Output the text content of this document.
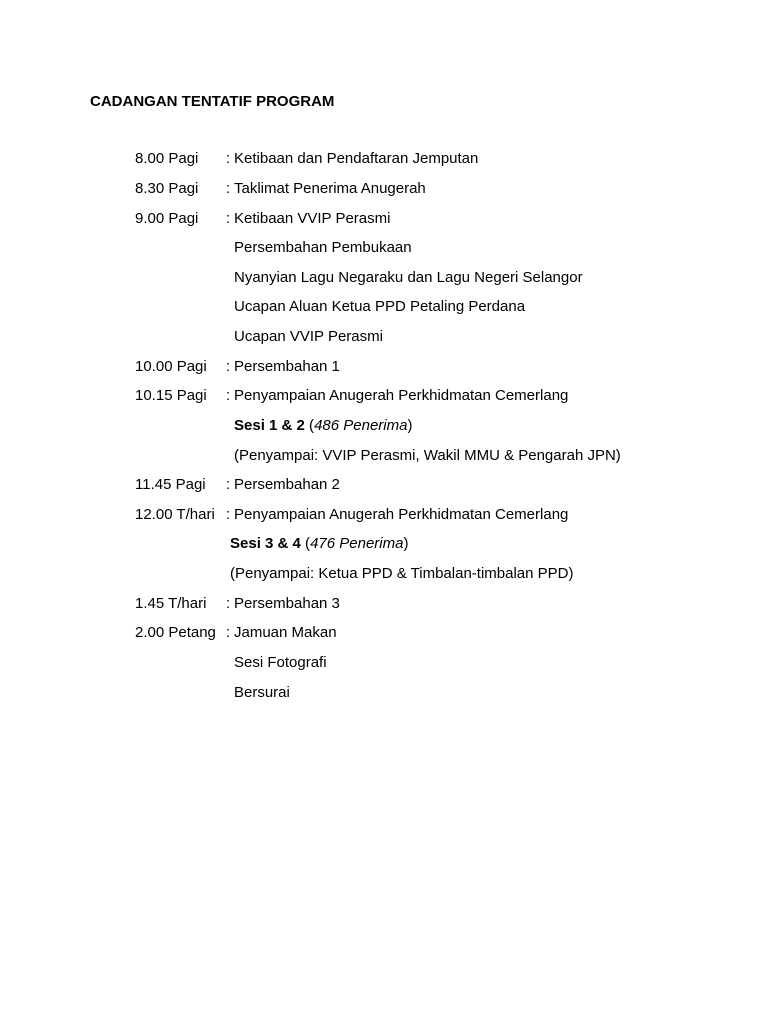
CADANGAN TENTATIF PROGRAM
8.00 Pagi : Ketibaan dan Pendaftaran Jemputan
8.30 Pagi : Taklimat Penerima Anugerah
9.00 Pagi : Ketibaan VVIP Perasmi
Persembahan Pembukaan
Nyanyian Lagu Negaraku dan Lagu Negeri Selangor
Ucapan Aluan Ketua PPD Petaling Perdana
Ucapan VVIP Perasmi
10.00 Pagi : Persembahan 1
10.15 Pagi : Penyampaian Anugerah Perkhidmatan Cemerlang
Sesi 1 & 2 (486 Penerima)
(Penyampai: VVIP Perasmi, Wakil MMU & Pengarah JPN)
11.45 Pagi : Persembahan 2
12.00 T/hari : Penyampaian Anugerah Perkhidmatan Cemerlang
Sesi 3 & 4 (476 Penerima)
(Penyampai: Ketua PPD & Timbalan-timbalan PPD)
1.45 T/hari : Persembahan 3
2.00 Petang : Jamuan Makan
Sesi Fotografi
Bersurai
